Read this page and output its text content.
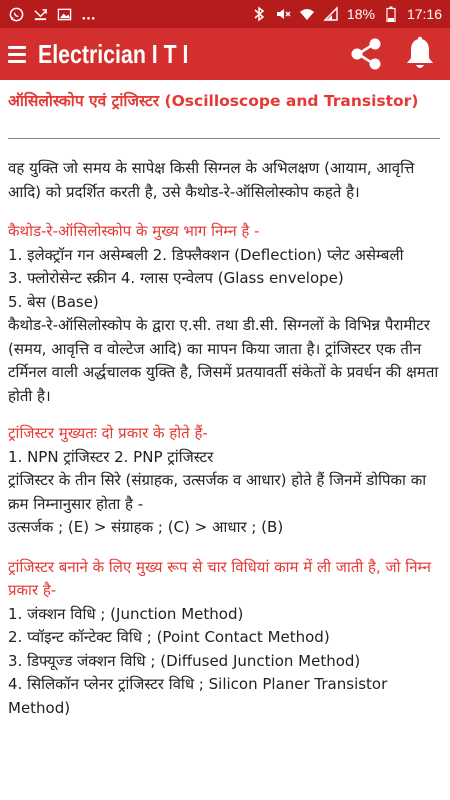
18% 17:16
Electrician I T I
ऑसिलोस्कोप एवं ट्रांजिस्टर (Oscilloscope and Transistor)

वह युक्ति जो समय के सापेक्ष किसी सिग्नल के अभिलक्षण (आयाम, आवृत्ति आदि) को प्रदर्शित करती है, उसे कैथोड-रे-ऑसिलोस्कोप कहते है।

कैथोड-रे-ऑसिलोस्कोप के मुख्य भाग निम्न है -

1. इलेक्ट्रॉन गन असेम्बली 2. डिफ्लैक्शन (Deflection) प्लेट असेम्बली

3. फ्लोरोसेन्ट स्क्रीन 4. ग्लास एन्वेलप (Glass envelope)

5. बेस (Base)

कैथोड-रे-ऑसिलोस्कोप के द्वारा ए.सी. तथा डी.सी. सिग्नलों के विभिन्न पैरामीटर (समय, आवृत्ति व वोल्टेज आदि) का मापन किया जाता है। ट्रांजिस्टर एक तीन टर्मिनल वाली अर्द्धचालक युक्ति है, जिसमें प्रतयावर्ती संकेतों के प्रवर्धन की क्षमता होती है।

ट्रांजिस्टर मुख्यतः दो प्रकार के होते हैं-

1. NPN ट्रांजिस्टर 2. PNP ट्रांजिस्टर

ट्रांजिस्टर के तीन सिरे (संग्राहक, उत्सर्जक व आधार) होते हैं जिनमें डोपिका का क्रम निम्नानुसार होता है -

उत्सर्जक ; (E) > संग्राहक ; (C) > आधार ; (B)

ट्रांजिस्टर बनाने के लिए मुख्य रूप से चार विधियां काम में ली जाती है, जो निम्न प्रकार है-

1. जंक्शन विधि ; (Junction Method)

2. प्वॉइन्ट कॉन्टेक्ट विधि ; (Point Contact Method)

3. डिफ्यूज्ड जंक्शन विधि ; (Diffused Junction Method)

4. सिलिकॉन प्लेनर ट्रांजिस्टर विधि ; Silicon Planer Transistor Method)
